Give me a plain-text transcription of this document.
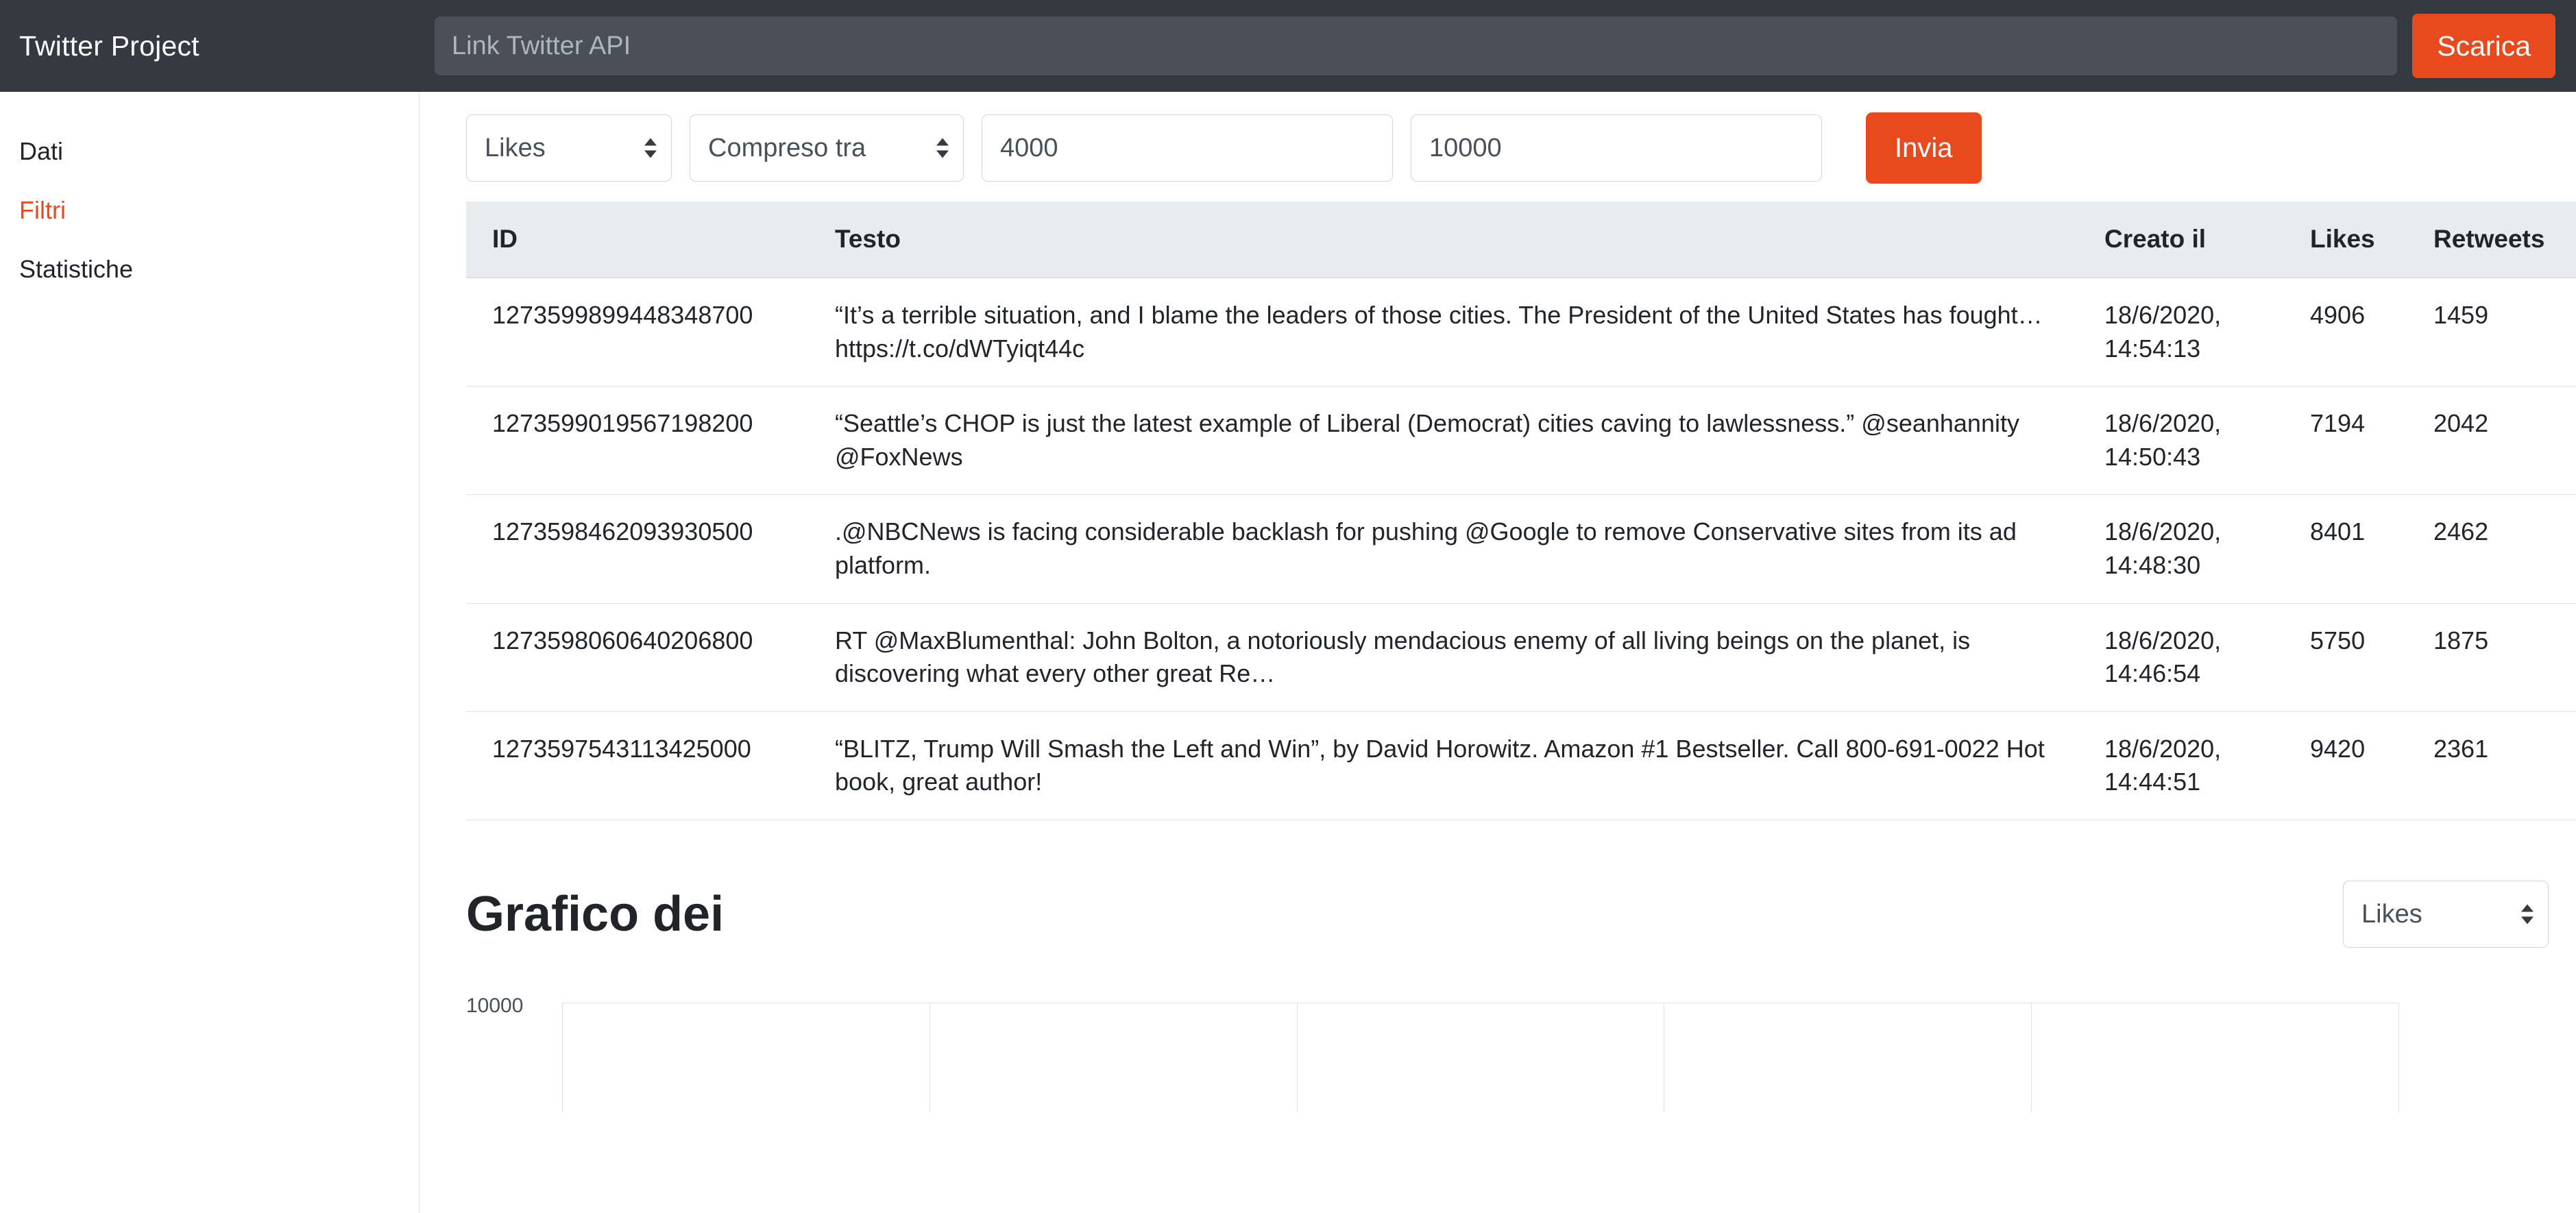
Twitter Project
Link Twitter API	Scarica
Dati
Filtri
Statistiche
Likes
Compreso tra
4000
10000
Invia
ID	Testo	Creato il	Likes	Retweets
1273599899448348700	“It’s a terrible situation, and I blame the leaders of those cities. The President of the United States has fought… https://t.co/dWTyiqt44c	18/6/2020, 14:54:13	4906	1459
1273599019567198200	“Seattle’s CHOP is just the latest example of Liberal (Democrat) cities caving to lawlessness.” @seanhannity @FoxNews	18/6/2020, 14:50:43	7194	2042
1273598462093930500	.@NBCNews is facing considerable backlash for pushing @Google to remove Conservative sites from its ad platform.	18/6/2020, 14:48:30	8401	2462
1273598060640206800	RT @MaxBlumenthal: John Bolton, a notoriously mendacious enemy of all living beings on the planet, is discovering what every other great Re…	18/6/2020, 14:46:54	5750	1875
1273597543113425000	“BLITZ, Trump Will Smash the Left and Win”, by David Horowitz. Amazon #1 Bestseller. Call 800-691-0022 Hot book, great author!	18/6/2020, 14:44:51	9420	2361
Grafico dei
Likes
10000
